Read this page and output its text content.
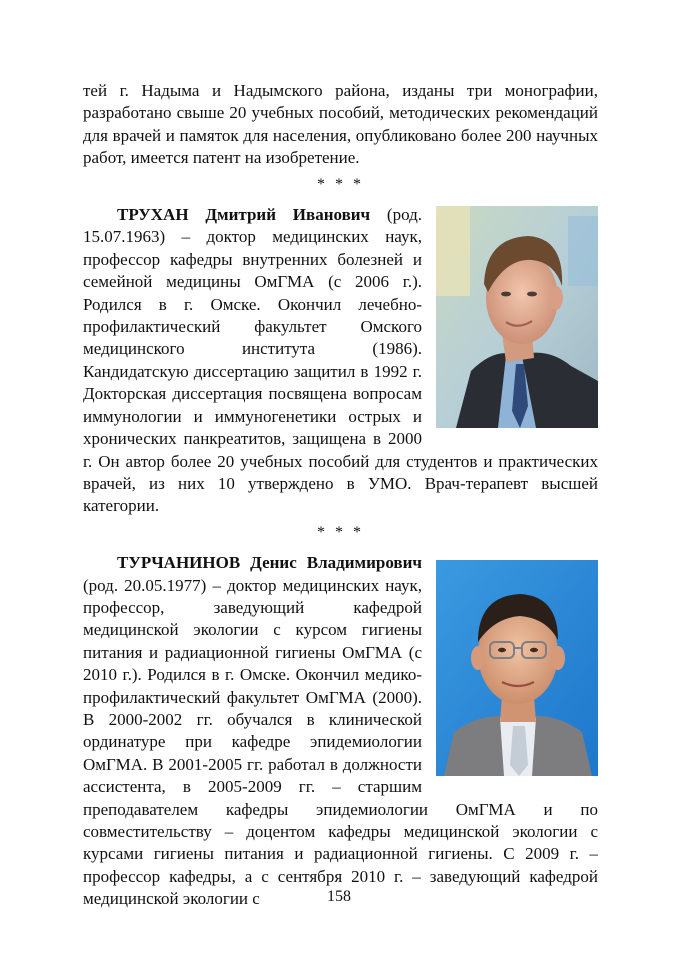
тей г. Надыма и Надымского района, изданы три монографии, разработано свыше 20 учебных пособий, методических рекомендаций для врачей и памяток для населения, опубликовано более 200 научных работ, имеется патент на изобретение.

* * *

ТРУХАН Дмитрий Иванович (род. 15.07.1963) – доктор медицинских наук, профессор кафедры внутренних болезней и семейной медицины ОмГМА (с 2006 г.). Родился в г. Омске. Окончил лечебно-профилактический факультет Омского медицинского института (1986). Кандидатскую диссертацию защитил в 1992 г. Докторская диссертация посвящена вопросам иммунологии и иммуногенетики острых и хронических панкреатитов, защищена в 2000 г. Он автор более 20 учебных пособий для студентов и практических врачей, из них 10 утверждено в УМО. Врач-терапевт высшей категории.

* * *

ТУРЧАНИНОВ Денис Владимирович (род. 20.05.1977) – доктор медицинских наук, профессор, заведующий кафедрой медицинской экологии с курсом гигиены питания и радиационной гигиены ОмГМА (с 2010 г.). Родился в г. Омске. Окончил медико-профилактический факультет ОмГМА (2000). В 2000-2002 гг. обучался в клинической ординатуре при кафедре эпидемиологии ОмГМА. В 2001-2005 гг. работал в должности ассистента, в 2005-2009 гг. – старшим преподавателем кафедры эпидемиологии ОмГМА и по совместительству – доцентом кафедры медицинской экологии с курсами гигиены питания и радиационной гигиены. С 2009 г. – профессор кафедры, а с сентября 2010 г. – заведующий кафедрой медицинской экологии с	158
